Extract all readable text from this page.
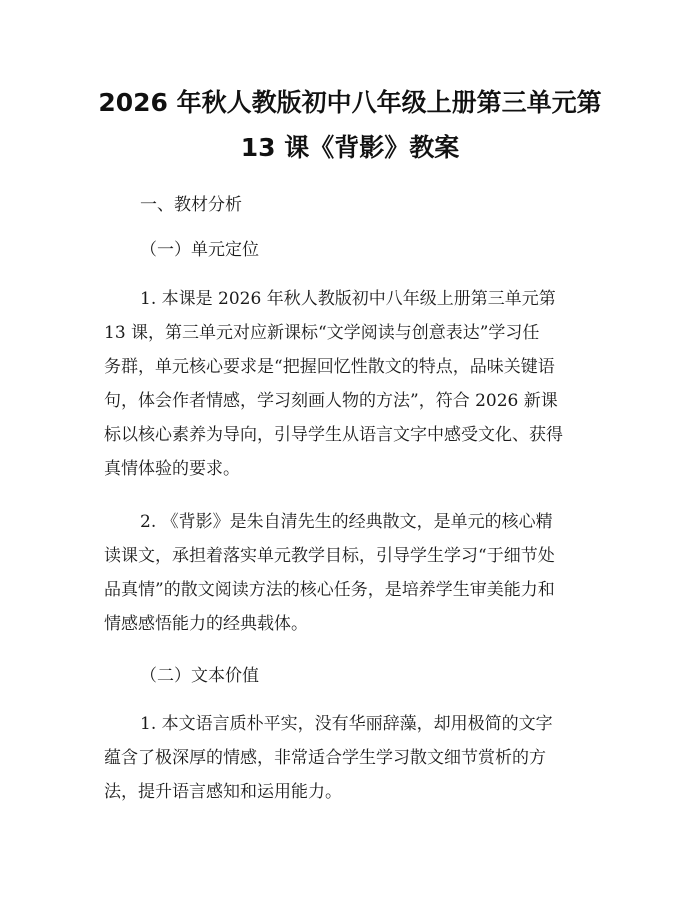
2026 年秋人教版初中八年级上册第三单元第
13 课《背影》教案
一、教材分析
（一）单元定位
1. 本课是 2026 年秋人教版初中八年级上册第三单元第
13 课，第三单元对应新课标“文学阅读与创意表达”学习任
务群，单元核心要求是“把握回忆性散文的特点，品味关键语
句，体会作者情感，学习刻画人物的方法”，符合 2026 新课
标以核心素养为导向，引导学生从语言文字中感受文化、获得
真情体验的要求。
2. 《背影》是朱自清先生的经典散文，是单元的核心精
读课文，承担着落实单元教学目标，引导学生学习“于细节处
品真情”的散文阅读方法的核心任务，是培养学生审美能力和
情感感悟能力的经典载体。
（二）文本价值
1. 本文语言质朴平实，没有华丽辞藻，却用极简的文字
蕴含了极深厚的情感，非常适合学生学习散文细节赏析的方
法，提升语言感知和运用能力。
